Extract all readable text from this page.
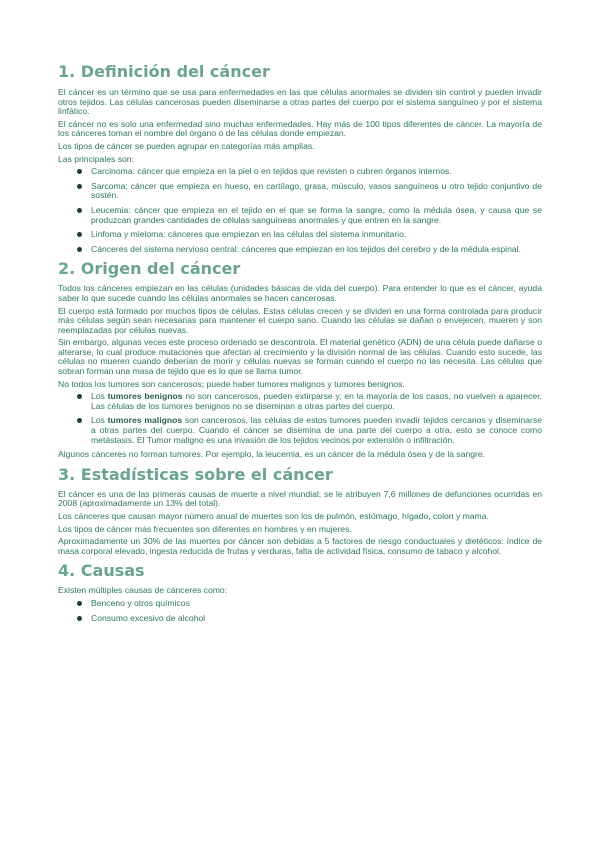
1. Definición del cáncer

El cáncer es un término que se usa para enfermedades en las que células anormales se dividen sin control y pueden invadir otros tejidos. Las células cancerosas pueden diseminarse a otras partes del cuerpo por el sistema sanguíneo y por el sistema linfático.

El cáncer no es solo una enfermedad sino muchas enfermedades. Hay más de 100 tipos diferentes de cáncer. La mayoría de los cánceres toman el nombre del órgano o de las células donde empiezan.

Los tipos de cáncer se pueden agrupar en categorías más amplias.

Las principales son:

Carcinoma: cáncer que empieza en la piel o en tejidos que revisten o cubren órganos internos.
Sarcoma: cáncer que empieza en hueso, en cartílago, grasa, músculo, vasos sanguíneos u otro tejido conjuntivo de sostén.
Leucemia: cáncer que empieza en el tejido en el que se forma la sangre, como la médula ósea, y causa que se produzcan grandes cantidades de células sanguíneas anormales y que entren en la sangre.
Linfoma y mieloma: cánceres que empiezan en las células del sistema inmunitario.
Cánceres del sistema nervioso central: cánceres que empiezan en los tejidos del cerebro y de la médula espinal.
2. Origen del cáncer

Todos los cánceres empiezan en las células (unidades básicas de vida del cuerpo). Para entender lo que es el cáncer, ayuda saber lo que sucede cuando las células anormales se hacen cancerosas.

El cuerpo está formado por muchos tipos de células. Estas células crecen y se dividen en una forma controlada para producir más células según sean necesarias para mantener el cuerpo sano. Cuando las células se dañan o envejecen, mueren y son reemplazadas por células nuevas.

Sin embargo, algunas veces este proceso ordenado se descontrola. El material genético (ADN) de una célula puede dañarse o alterarse, lo cual produce mutaciones que afectan al crecimiento y la división normal de las células. Cuando esto sucede, las células no mueren cuando deberían de morir y células nuevas se forman cuando el cuerpo no las necesita. Las células que sobran forman una masa de tejido que es lo que se llama tumor.

No todos los tumores son cancerosos; puede haber tumores malignos y tumores benignos.

Los tumores benignos no son cancerosos, pueden extirparse y, en la mayoría de los casos, no vuelven a aparecer. Las células de los tumores benignos no se diseminan a otras partes del cuerpo.
Los tumores malignos son cancerosos, las células de estos tumores pueden invadir tejidos cercanos y diseminarse a otras partes del cuerpo. Cuando el cáncer se disemina de una parte del cuerpo a otra, esto se conoce como metástasis. El Tumor maligno es una invasión de los tejidos vecinos por extensión o infiltración.

Algunos cánceres no forman tumores. Por ejemplo, la leucemia, es un cáncer de la médula ósea y de la sangre.

3. Estadísticas sobre el cáncer

El cáncer es una de las primeras causas de muerte a nivel mundial; se le atribuyen 7,6 millones de defunciones ocurridas en 2008 (aproximadamente un 13% del total).

Los cánceres que causan mayor número anual de muertes son los de pulmón, estómago, hígado, colon y mama.

Los tipos de cáncer más frecuentes son diferentes en hombres y en mujeres.

Aproximadamente un 30% de las muertes por cáncer son debidas a 5 factores de riesgo conductuales y dietéticos: índice de masa corporal elevado, ingesta reducida de frutas y verduras, falta de actividad física, consumo de tabaco y alcohol.

4. Causas

Existen múltiples causas de cánceres como:

Benceno y otros químicos
Consumo excesivo de alcohol
